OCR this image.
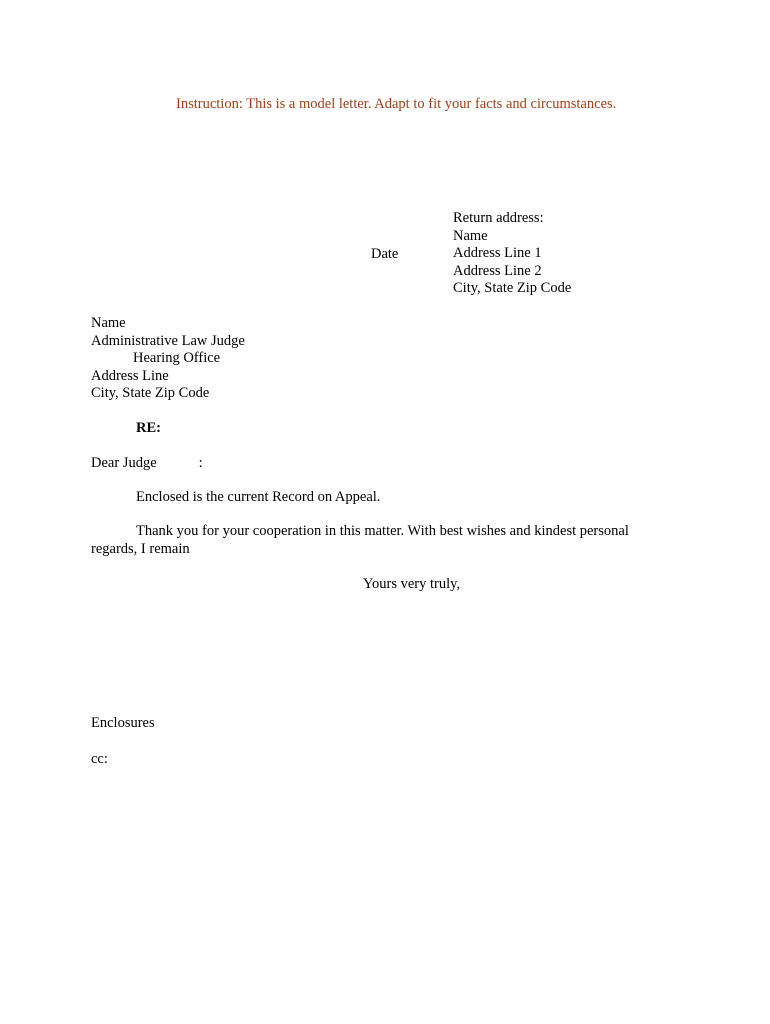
Instruction: This is a model letter. Adapt to fit your facts and circumstances.
Return address:
Name
Address Line 1
Address Line 2
City, State Zip Code
Date
Name
Administrative Law Judge
Hearing Office
Address Line
City, State Zip Code
RE:
Dear Judge	:
Enclosed is the current Record on Appeal.
Thank you for your cooperation in this matter. With best wishes and kindest personal regards, I remain
Yours very truly,
Enclosures
cc:
